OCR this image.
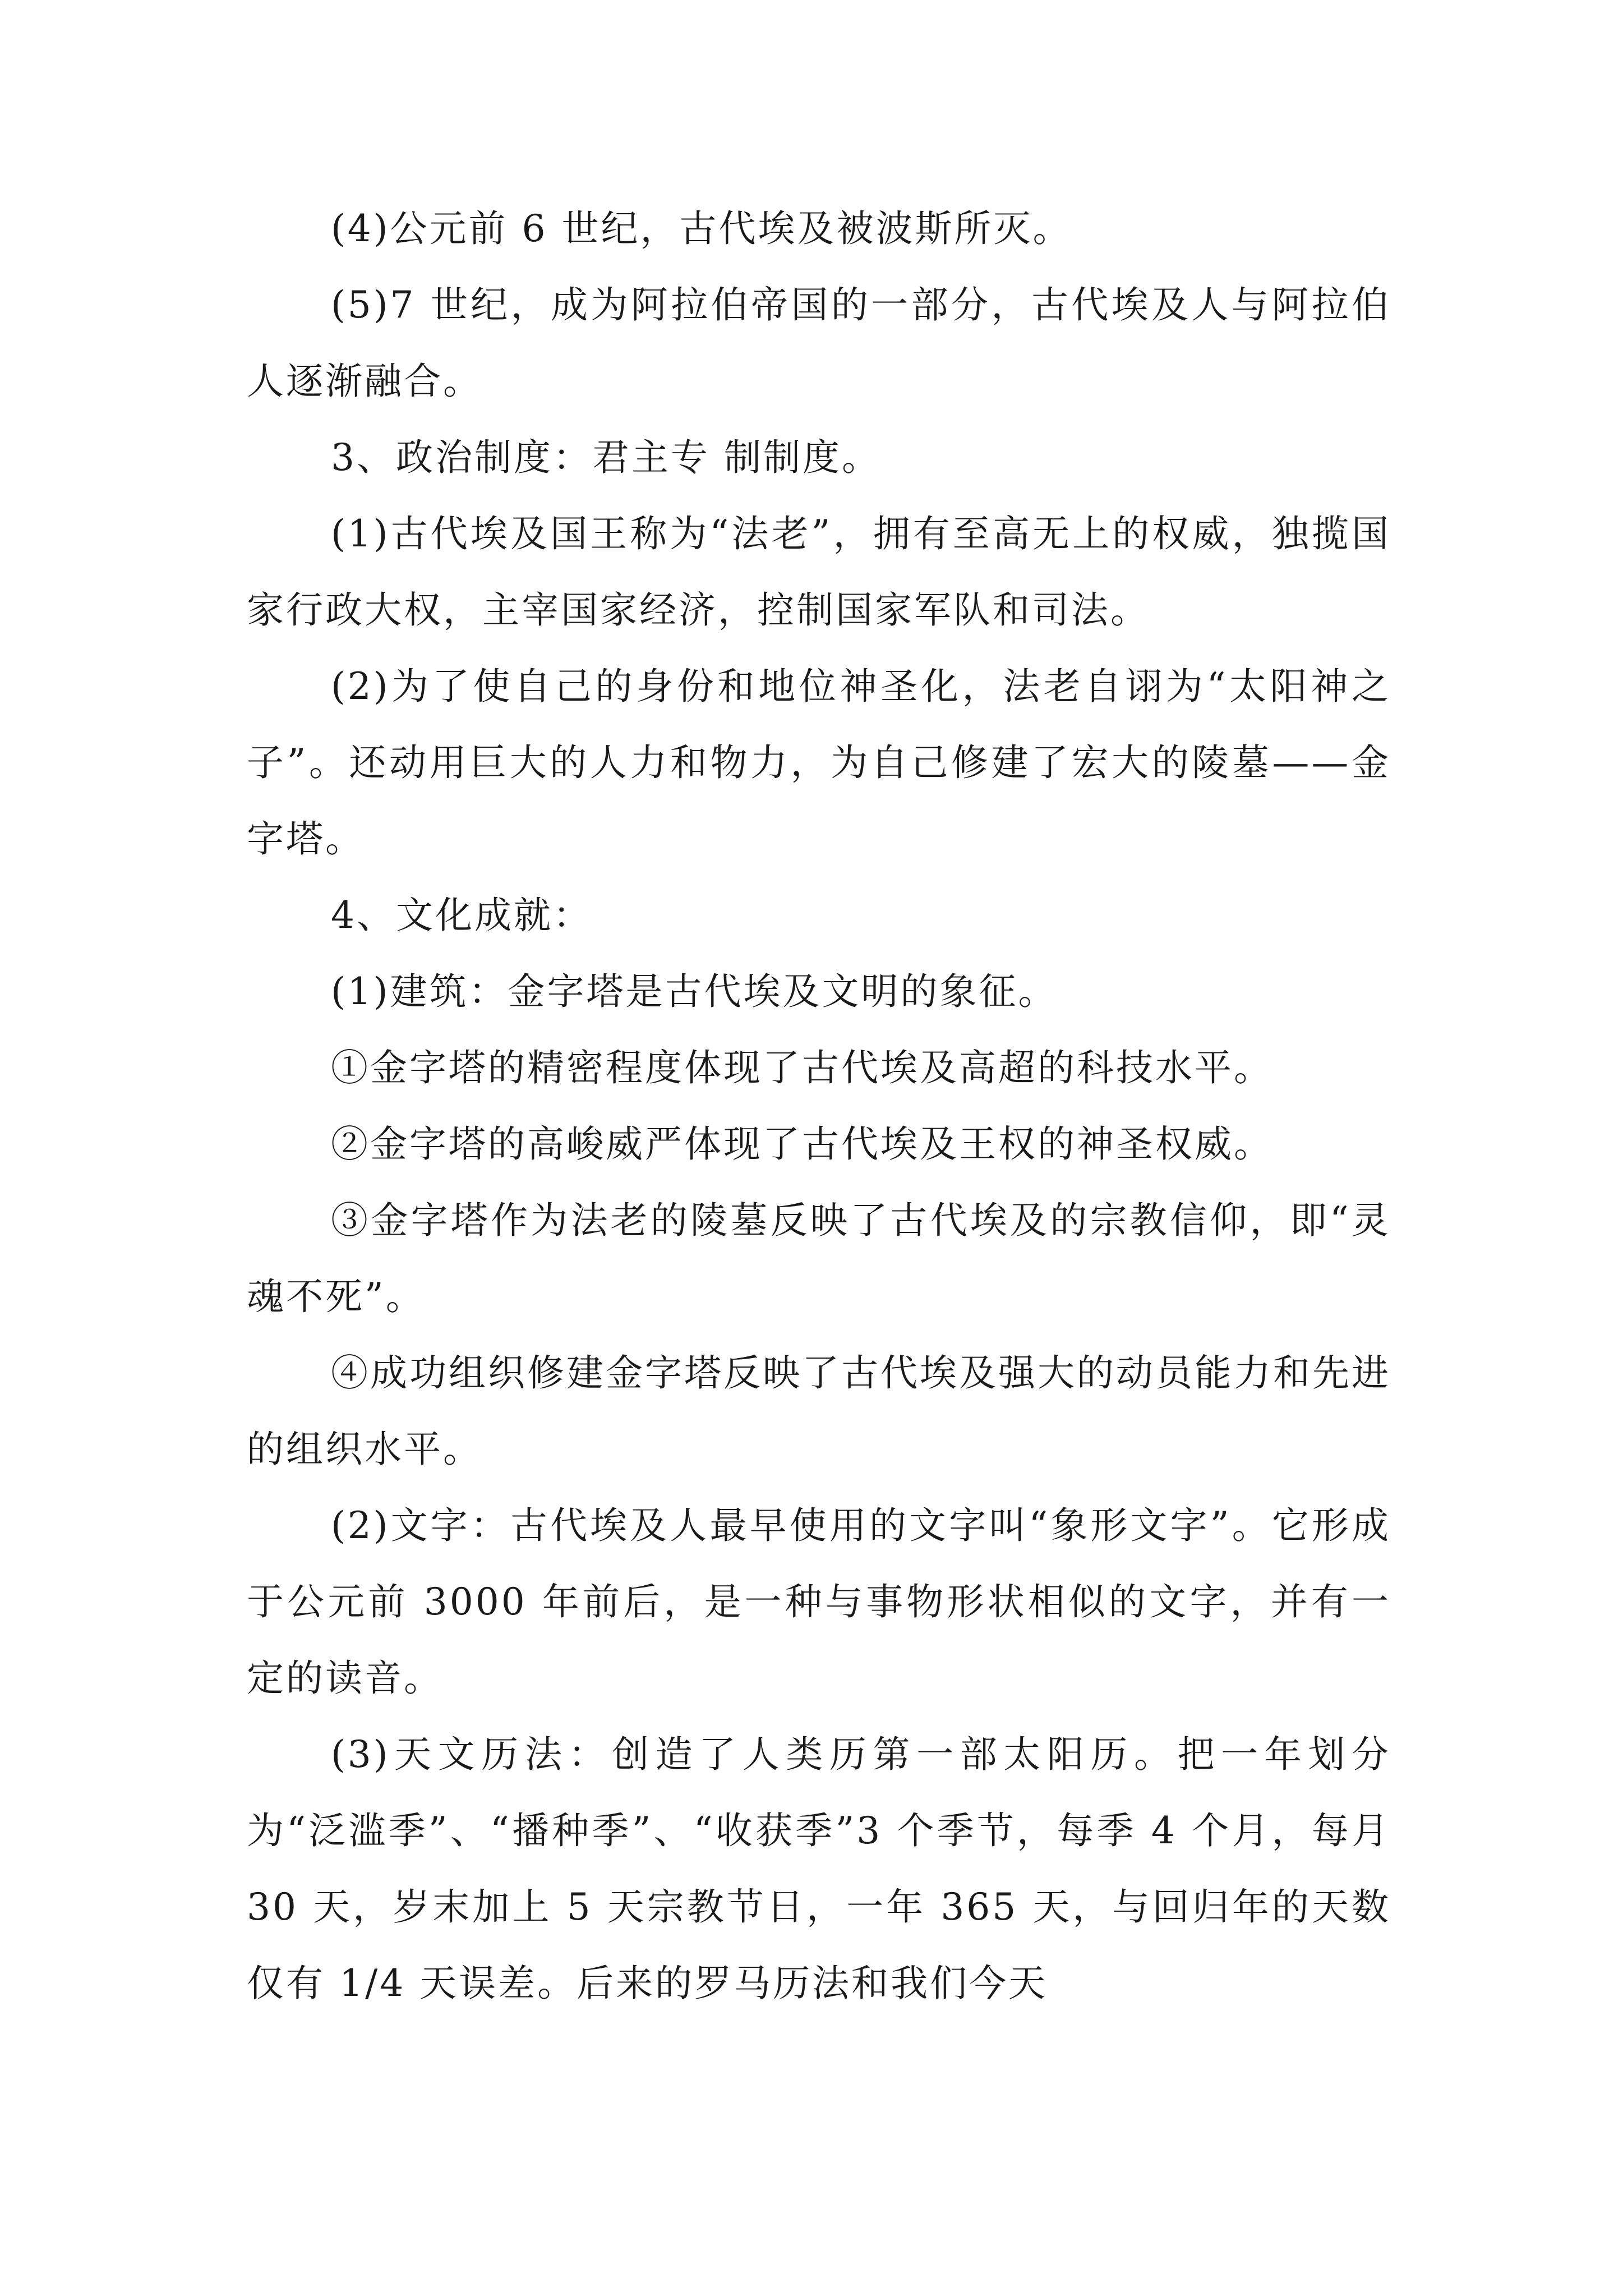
(4)公元前 6 世纪，古代埃及被波斯所灭。

(5)7 世纪，成为阿拉伯帝国的一部分，古代埃及人与阿拉伯人逐渐融合。

3、政治制度：君主专 制制度。

(1)古代埃及国王称为“法老”，拥有至高无上的权威，独揽国家行政大权，主宰国家经济，控制国家军队和司法。

(2)为了使自己的身份和地位神圣化，法老自诩为“太阳神之子”。还动用巨大的人力和物力，为自己修建了宏大的陵墓——金字塔。

4、文化成就：

(1)建筑：金字塔是古代埃及文明的象征。

①金字塔的精密程度体现了古代埃及高超的科技水平。

②金字塔的高峻威严体现了古代埃及王权的神圣权威。

③金字塔作为法老的陵墓反映了古代埃及的宗教信仰，即“灵魂不死”。

④成功组织修建金字塔反映了古代埃及强大的动员能力和先进的组织水平。

(2)文字：古代埃及人最早使用的文字叫“象形文字”。它形成于公元前 3000 年前后，是一种与事物形状相似的文字，并有一定的读音。

(3)天文历法：创造了人类历第一部太阳历。把一年划分为“泛滥季”、“播种季”、“收获季”3 个季节，每季 4 个月，每月 30 天，岁末加上 5 天宗教节日，一年 365 天，与回归年的天数仅有 1/4 天误差。后来的罗马历法和我们今天
